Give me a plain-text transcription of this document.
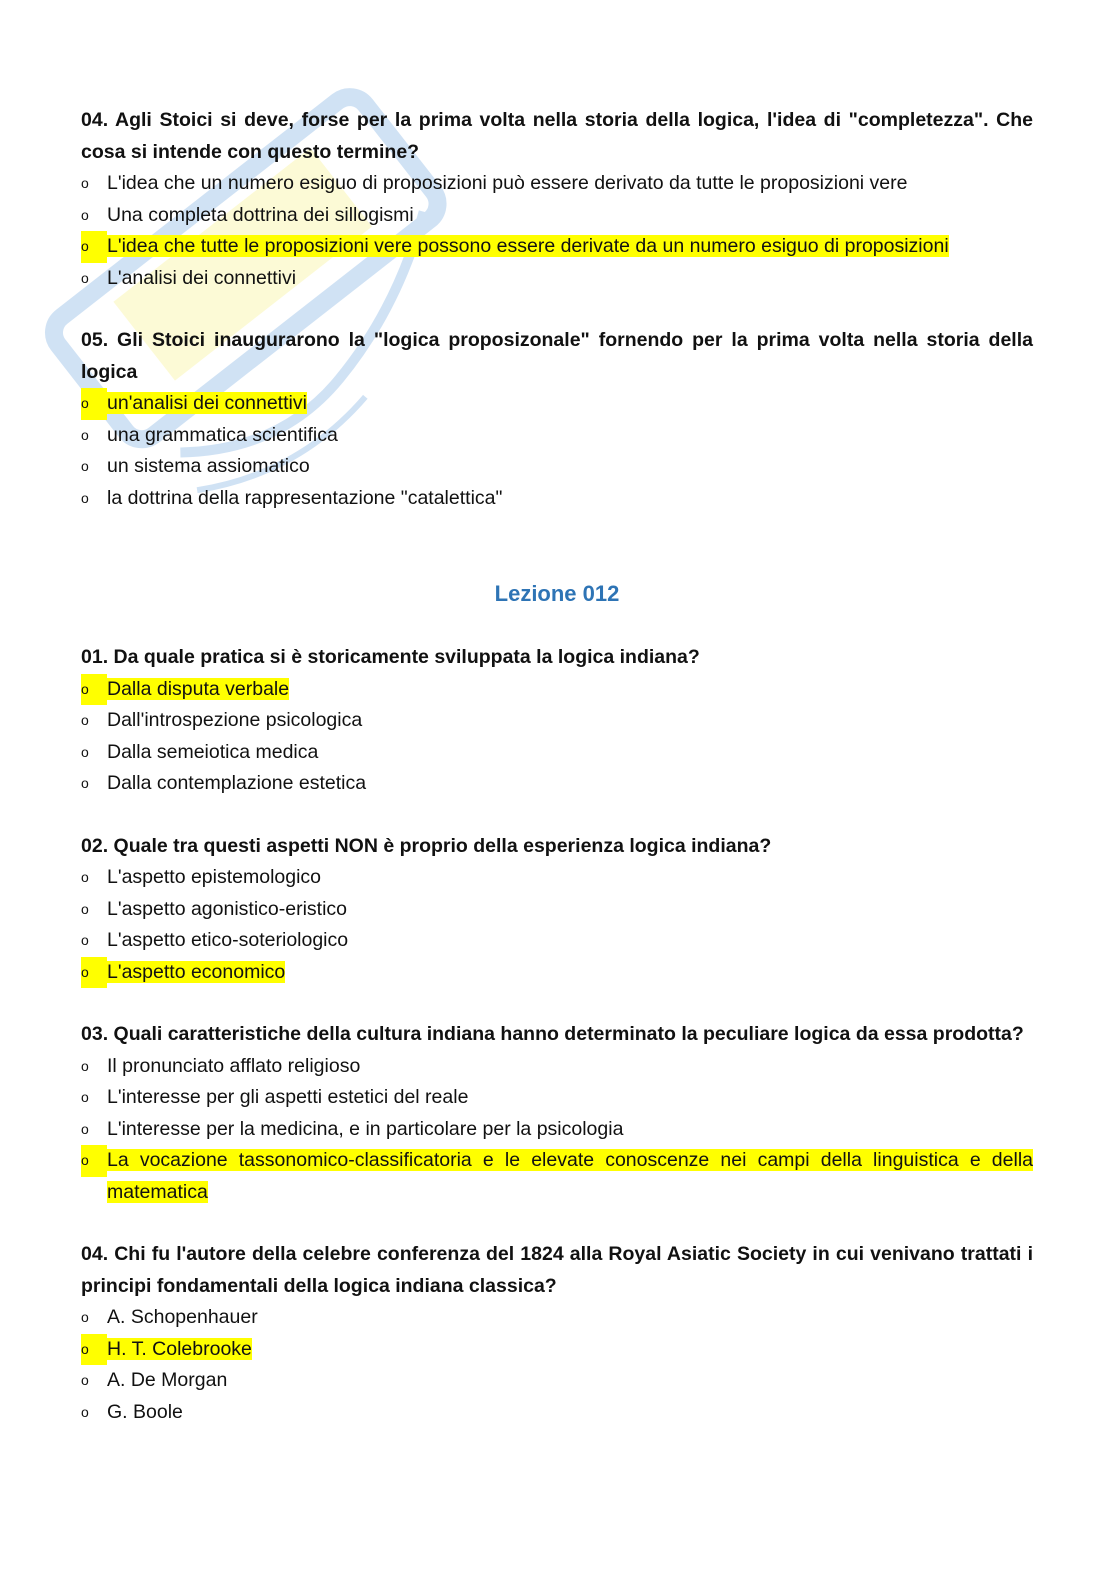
04. Agli Stoici si deve, forse per la prima volta nella storia della logica, l'idea di "completezza". Che cosa si intende con questo termine?

o L'idea che un numero esiguo di proposizioni può essere derivato da tutte le proposizioni vere
o Una completa dottrina dei sillogismi
o L'idea che tutte le proposizioni vere possono essere derivate da un numero esiguo di proposizioni
o L'analisi dei connettivi

05. Gli Stoici inaugurarono la "logica proposizonale" fornendo per la prima volta nella storia della logica

o un'analisi dei connettivi
o una grammatica scientifica
o un sistema assiomatico
o la dottrina della rappresentazione "catalettica"
Lezione 012

01. Da quale pratica si è storicamente sviluppata la logica indiana?

o Dalla disputa verbale
o Dall'introspezione psicologica
o Dalla semeiotica medica
o Dalla contemplazione estetica

02. Quale tra questi aspetti NON è proprio della esperienza logica indiana?

o L'aspetto epistemologico
o L'aspetto agonistico-eristico
o L'aspetto etico-soteriologico
o L'aspetto economico

03. Quali caratteristiche della cultura indiana hanno determinato la peculiare logica da essa prodotta?

o Il pronunciato afflato religioso
o L'interesse per gli aspetti estetici del reale
o L'interesse per la medicina, e in particolare per la psicologia
o La vocazione tassonomico-classificatoria e le elevate conoscenze nei campi della linguistica e della matematica

04. Chi fu l'autore della celebre conferenza del 1824 alla Royal Asiatic Society in cui venivano trattati i principi fondamentali della logica indiana classica?

o A. Schopenhauer
o H. T. Colebrooke
o A. De Morgan
o G. Boole
